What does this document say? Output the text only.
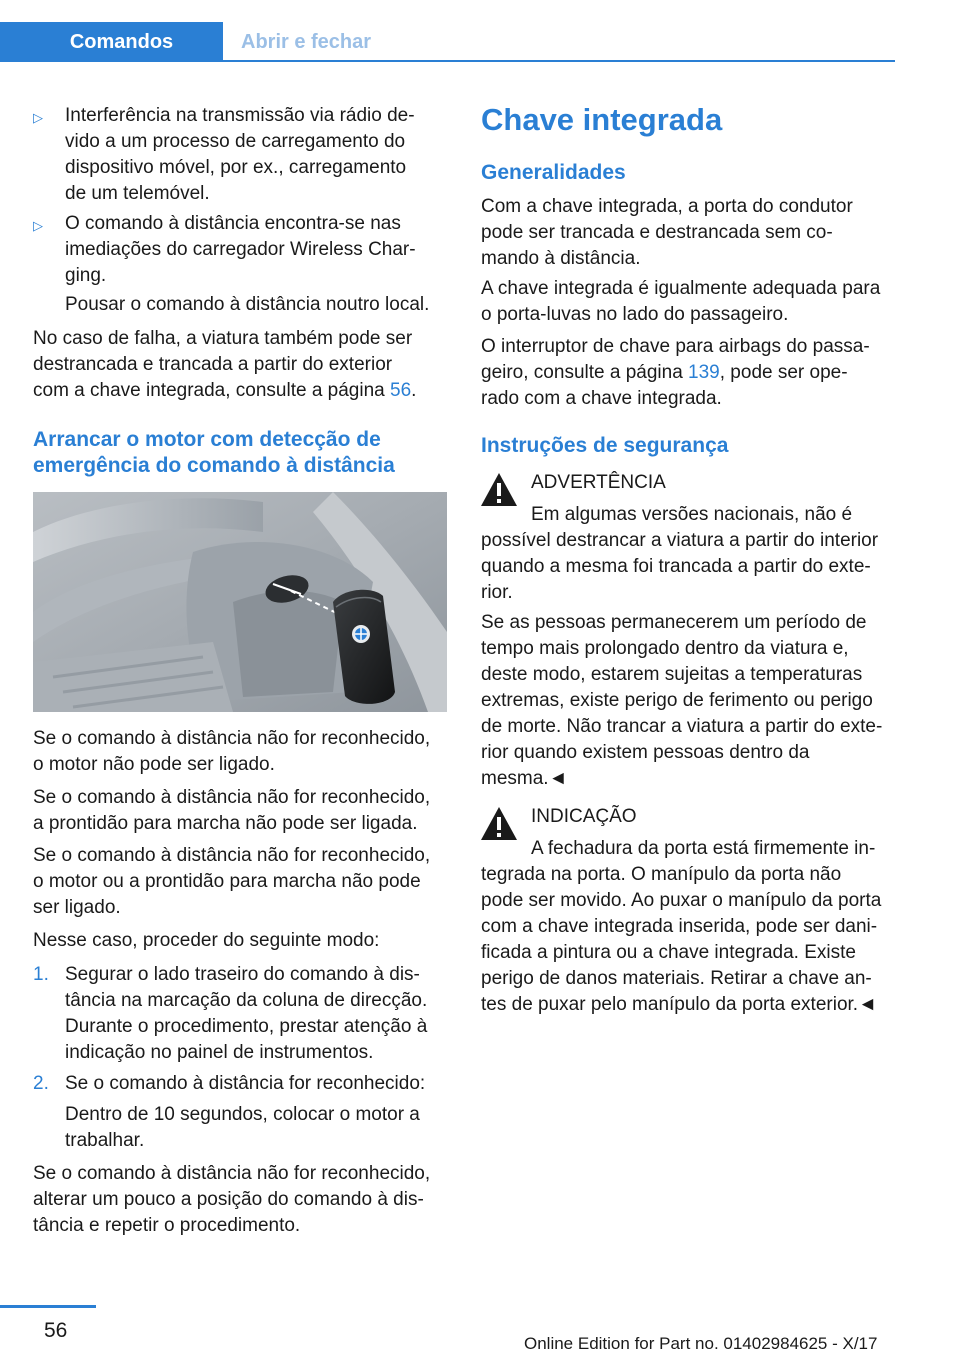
Comandos	Abrir e fechar
▷ Interferência na transmissão via rádio de-
vido a um processo de carregamento do
dispositivo móvel, por ex., carregamento
de um telemóvel.
▷ O comando à distância encontra-se nas
imediações do carregador Wireless Char-
ging.
Pousar o comando à distância noutro local.
No caso de falha, a viatura também pode ser
destrancada e trancada a partir do exterior
com a chave integrada, consulte a página 56.
Arrancar o motor com detecção de
emergência do comando à distância
Se o comando à distância não for reconhecido,
o motor não pode ser ligado.
Se o comando à distância não for reconhecido,
a prontidão para marcha não pode ser ligada.
Se o comando à distância não for reconhecido,
o motor ou a prontidão para marcha não pode
ser ligado.
Nesse caso, proceder do seguinte modo:
1. Segurar o lado traseiro do comando à dis-
tância na marcação da coluna de direcção.
Durante o procedimento, prestar atenção à
indicação no painel de instrumentos.
2. Se o comando à distância for reconhecido:
Dentro de 10 segundos, colocar o motor a
trabalhar.
Se o comando à distância não for reconhecido,
alterar um pouco a posição do comando à dis-
tância e repetir o procedimento.
Chave integrada
Generalidades
Com a chave integrada, a porta do condutor
pode ser trancada e destrancada sem co-
mando à distância.
A chave integrada é igualmente adequada para
o porta-luvas no lado do passageiro.
O interruptor de chave para airbags do passa-
geiro, consulte a página 139, pode ser ope-
rado com a chave integrada.
Instruções de segurança
ADVERTÊNCIA
Em algumas versões nacionais, não é
possível destrancar a viatura a partir do interior
quando a mesma foi trancada a partir do exte-
rior.
Se as pessoas permanecerem um período de
tempo mais prolongado dentro da viatura e,
deste modo, estarem sujeitas a temperaturas
extremas, existe perigo de ferimento ou perigo
de morte. Não trancar a viatura a partir do exte-
rior quando existem pessoas dentro da
mesma.◄
INDICAÇÃO
A fechadura da porta está firmemente in-
tegrada na porta. O manípulo da porta não
pode ser movido. Ao puxar o manípulo da porta
com a chave integrada inserida, pode ser dani-
ficada a pintura ou a chave integrada. Existe
perigo de danos materiais. Retirar a chave an-
tes de puxar pelo manípulo da porta exterior.◄
56
Online Edition for Part no. 01402984625 - X/17
